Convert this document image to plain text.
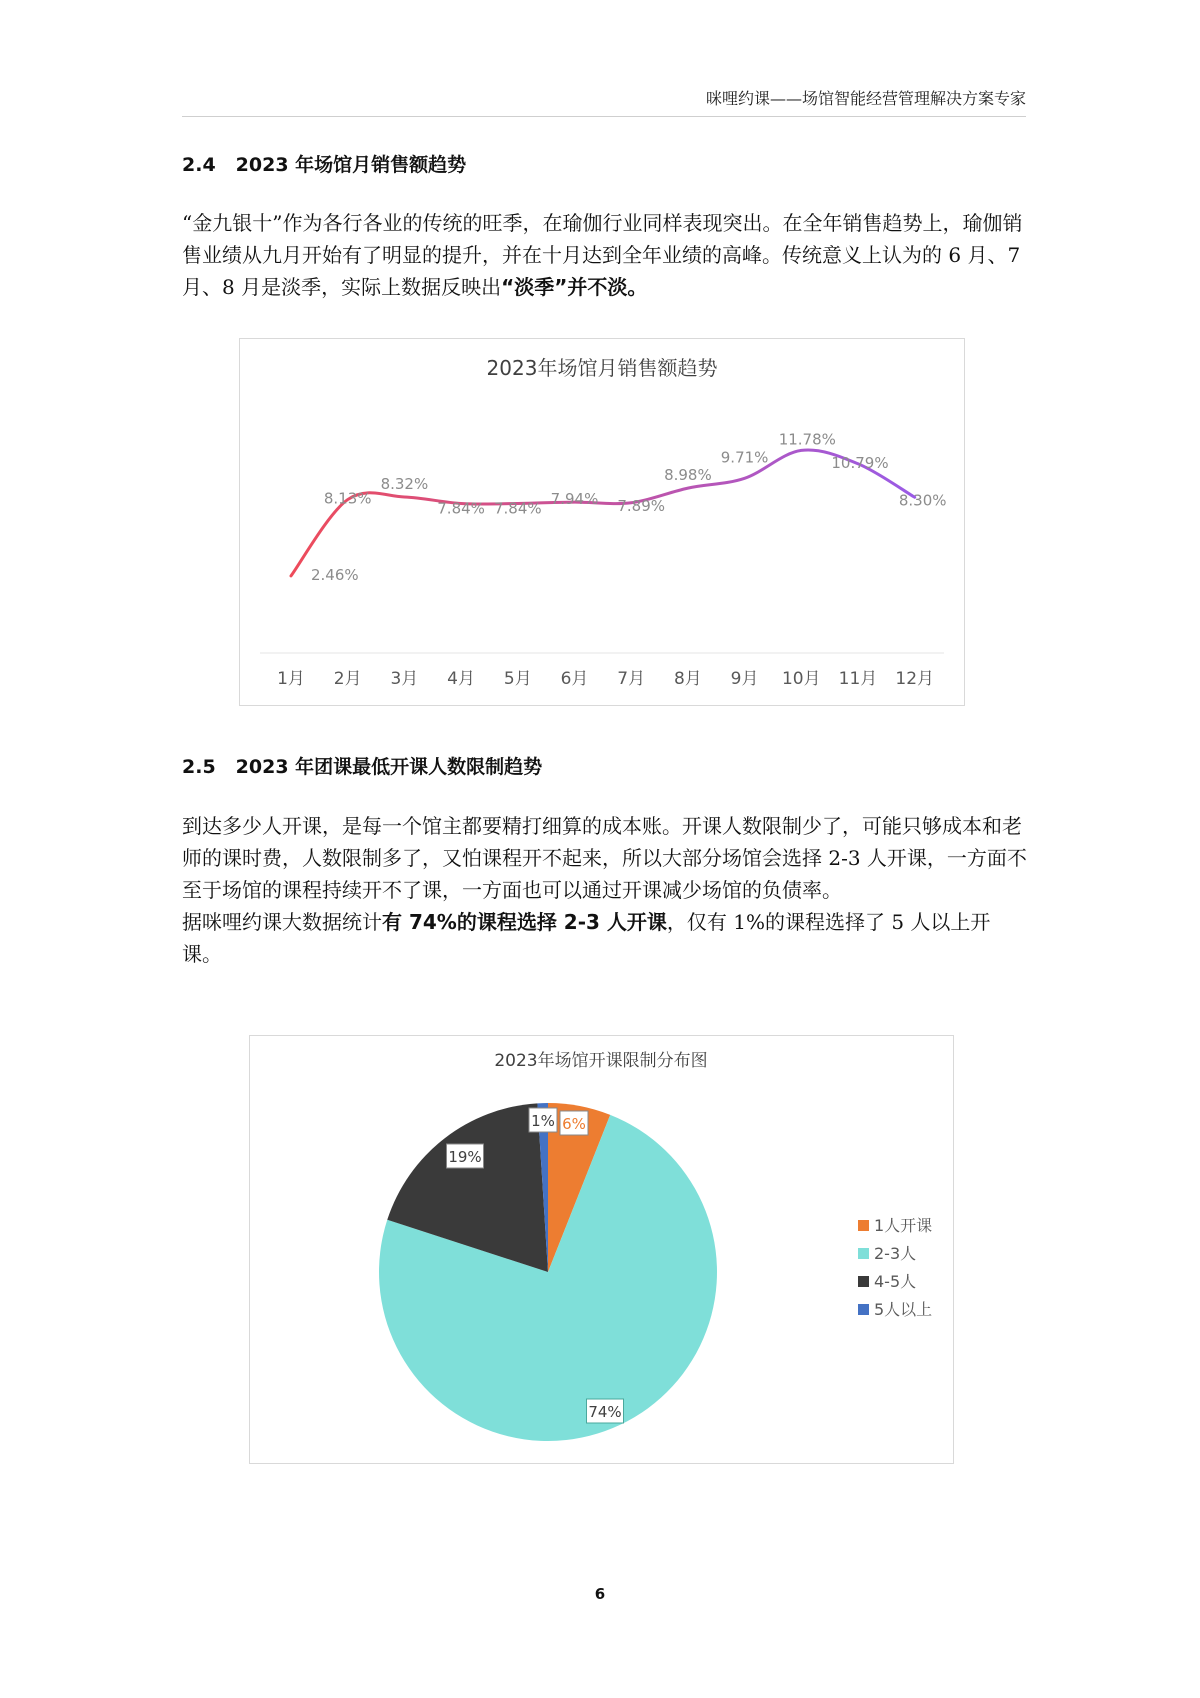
咪哩约课——场馆智能经营管理解决方案专家
2.4 2023 年场馆月销售额趋势

“金九银十”作为各行各业的传统的旺季，在瑜伽行业同样表现突出。在全年销售趋势上，瑜伽销售业绩从九月开始有了明显的提升，并在十月达到全年业绩的高峰。传统意义上认为的 6 月、7 月、8 月是淡季，实际上数据反映出“淡季”并不淡。

2023年场馆月销售额趋势
2.46%
8.13%
8.32%
7.84% 7.84%
7.94% 7.89%
8.98%
9.71%
11.78%
10.79%
8.30%
1月 2月 3月 4月 5月 6月 7月 8月 9月 10月 11月 12月
2.5 2023 年团课最低开课人数限制趋势

到达多少人开课，是每一个馆主都要精打细算的成本账。开课人数限制少了，可能只够成本和老师的课时费，人数限制多了，又怕课程开不起来，所以大部分场馆会选择 2-3 人开课，一方面不至于场馆的课程持续开不了课，一方面也可以通过开课减少场馆的负债率。

据咪哩约课大数据统计有 74%的课程选择 2-3 人开课，仅有 1%的课程选择了 5 人以上开课。

2023年场馆开课限制分布图
6%
74%
19%
1%
1人开课
2-3人
4-5人
5人以上
6
